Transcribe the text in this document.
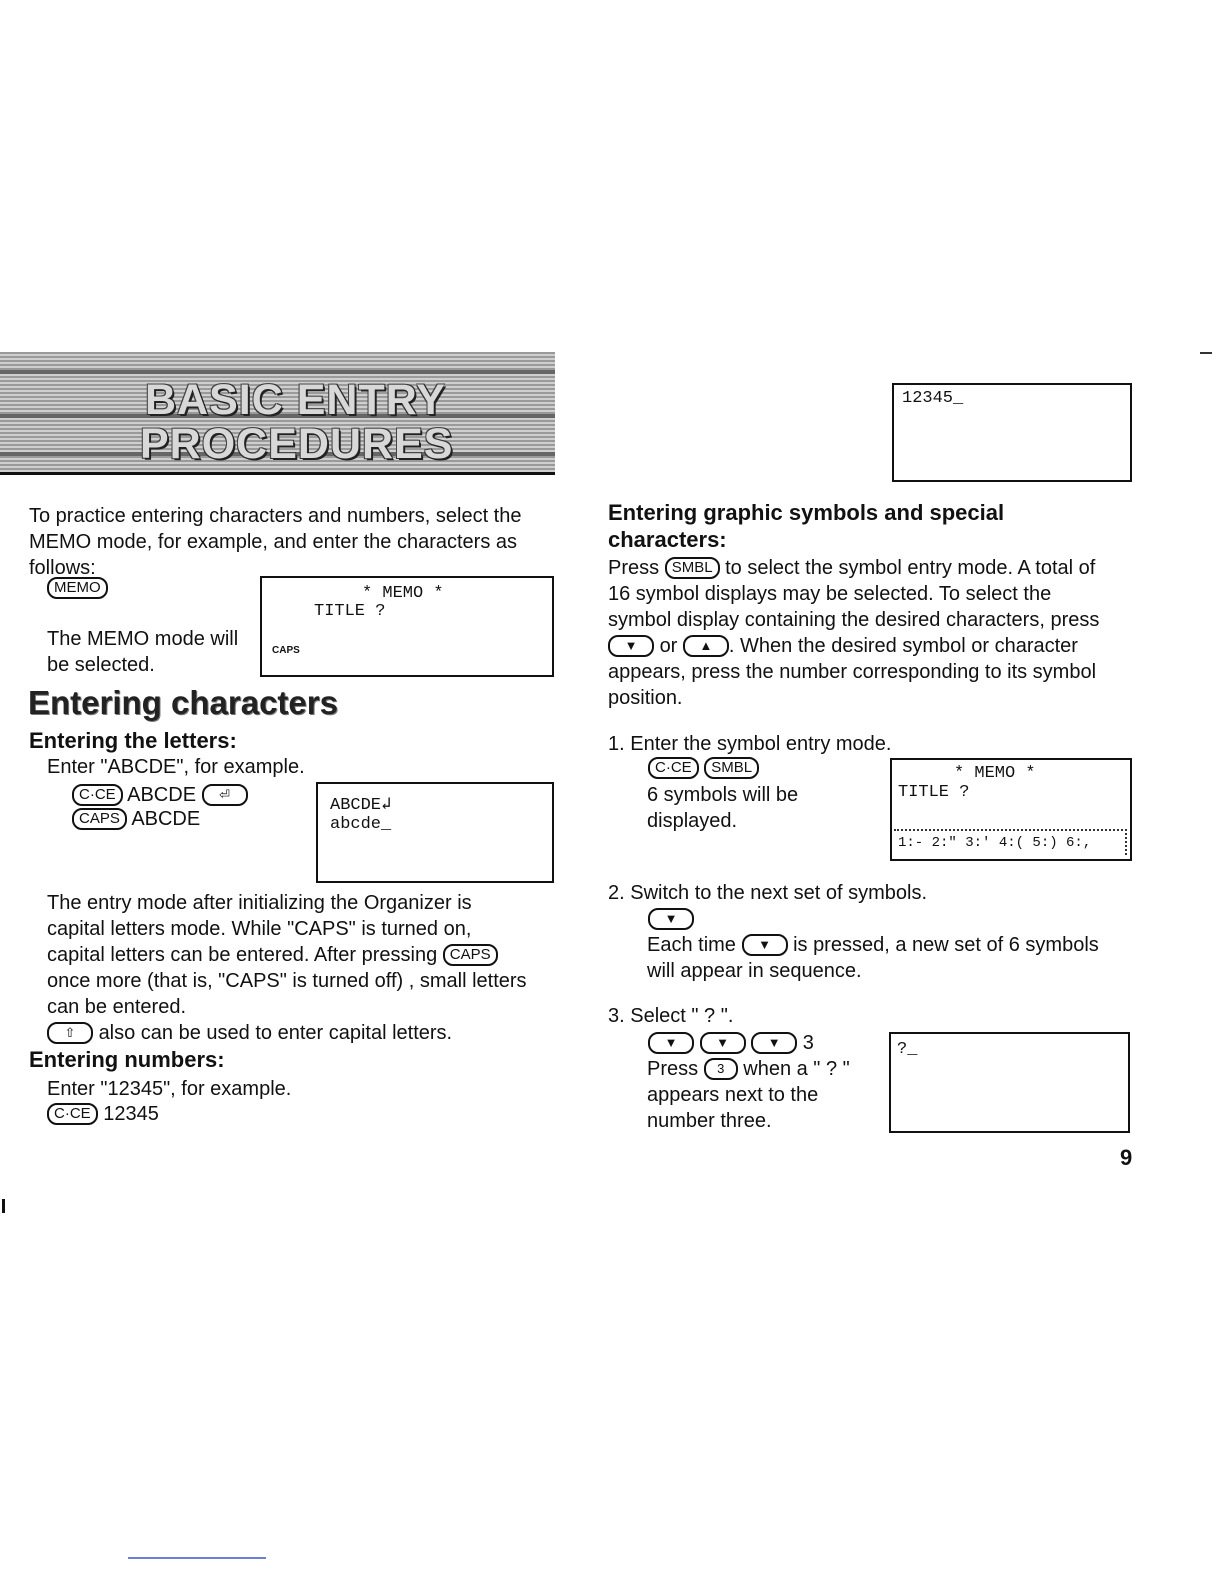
BASIC ENTRY
PROCEDURES
To practice entering characters and numbers, select the
MEMO mode, for example, and enter the characters as
follows:
MEMO
The MEMO mode will
be selected.
* MEMO *
TITLE ?
CAPS
Entering characters
Entering the letters:
Enter "ABCDE", for example.
C·CE ABCDE ⏎
CAPS ABCDE
ABCDE↲
abcde_
The entry mode after initializing the Organizer is
capital letters mode. While "CAPS" is turned on,
capital letters can be entered. After pressing CAPS
once more (that is, "CAPS" is turned off) , small letters
can be entered.
⇧ also can be used to enter capital letters.
Entering numbers:
Enter "12345", for example.
C·CE 12345
12345_
Entering graphic symbols and special
characters:
Press SMBL to select the symbol entry mode. A total of
16 symbol displays may be selected. To select the
symbol display containing the desired characters, press
▼ or ▲ . When the desired symbol or character
appears, press the number corresponding to its symbol
position.
1. Enter the symbol entry mode.
C·CE SMBL
6 symbols will be
displayed.
* MEMO *
TITLE ?
1:- 2:" 3:' 4:( 5:) 6:,
2. Switch to the next set of symbols.
▼
Each time ▼ is pressed, a new set of 6 symbols
will appear in sequence.
3. Select " ? ".
▼	▼	▼ 3
Press 3 when a " ? "
appears next to the
number three.
?_
9
